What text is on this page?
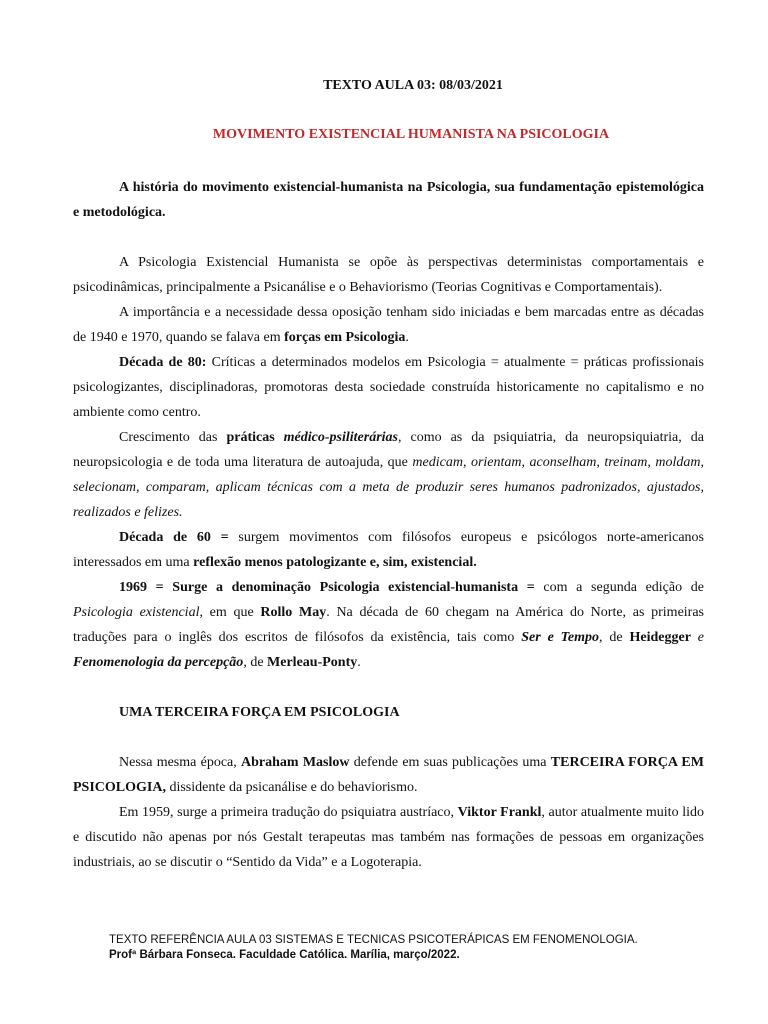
TEXTO AULA 03: 08/03/2021
MOVIMENTO EXISTENCIAL HUMANISTA NA PSICOLOGIA

A história do movimento existencial-humanista na Psicologia, sua fundamentação epistemológica e metodológica.

A Psicologia Existencial Humanista se opõe às perspectivas deterministas comportamentais e psicodinâmicas, principalmente a Psicanálise e o Behaviorismo (Teorias Cognitivas e Comportamentais).

A importância e a necessidade dessa oposição tenham sido iniciadas e bem marcadas entre as décadas de 1940 e 1970, quando se falava em forças em Psicologia.

Década de 80: Críticas a determinados modelos em Psicologia = atualmente = práticas profissionais psicologizantes, disciplinadoras, promotoras desta sociedade construída historicamente no capitalismo e no ambiente como centro.

Crescimento das práticas médico-psiliterárias, como as da psiquiatria, da neuropsiquiatria, da neuropsicologia e de toda uma literatura de autoajuda, que medicam, orientam, aconselham, treinam, moldam, selecionam, comparam, aplicam técnicas com a meta de produzir seres humanos padronizados, ajustados, realizados e felizes.

Década de 60 = surgem movimentos com filósofos europeus e psicólogos norte-americanos interessados em uma reflexão menos patologizante e, sim, existencial.

1969 = Surge a denominação Psicologia existencial-humanista = com a segunda edição de Psicologia existencial, em que Rollo May. Na década de 60 chegam na América do Norte, as primeiras traduções para o inglês dos escritos de filósofos da existência, tais como Ser e Tempo, de Heidegger e Fenomenologia da percepção, de Merleau-Ponty.

UMA TERCEIRA FORÇA EM PSICOLOGIA

Nessa mesma época, Abraham Maslow defende em suas publicações uma TERCEIRA FORÇA EM PSICOLOGIA, dissidente da psicanálise e do behaviorismo.

Em 1959, surge a primeira tradução do psiquiatra austríaco, Viktor Frankl, autor atualmente muito lido e discutido não apenas por nós Gestalt terapeutas mas também nas formações de pessoas em organizações industriais, ao se discutir o “Sentido da Vida” e a Logoterapia.

TEXTO REFERÊNCIA AULA 03 SISTEMAS E TECNICAS PSICOTERÁPICAS EM FENOMENOLOGIA.
Profª Bárbara Fonseca. Faculdade Católica. Marília, março/2022.
